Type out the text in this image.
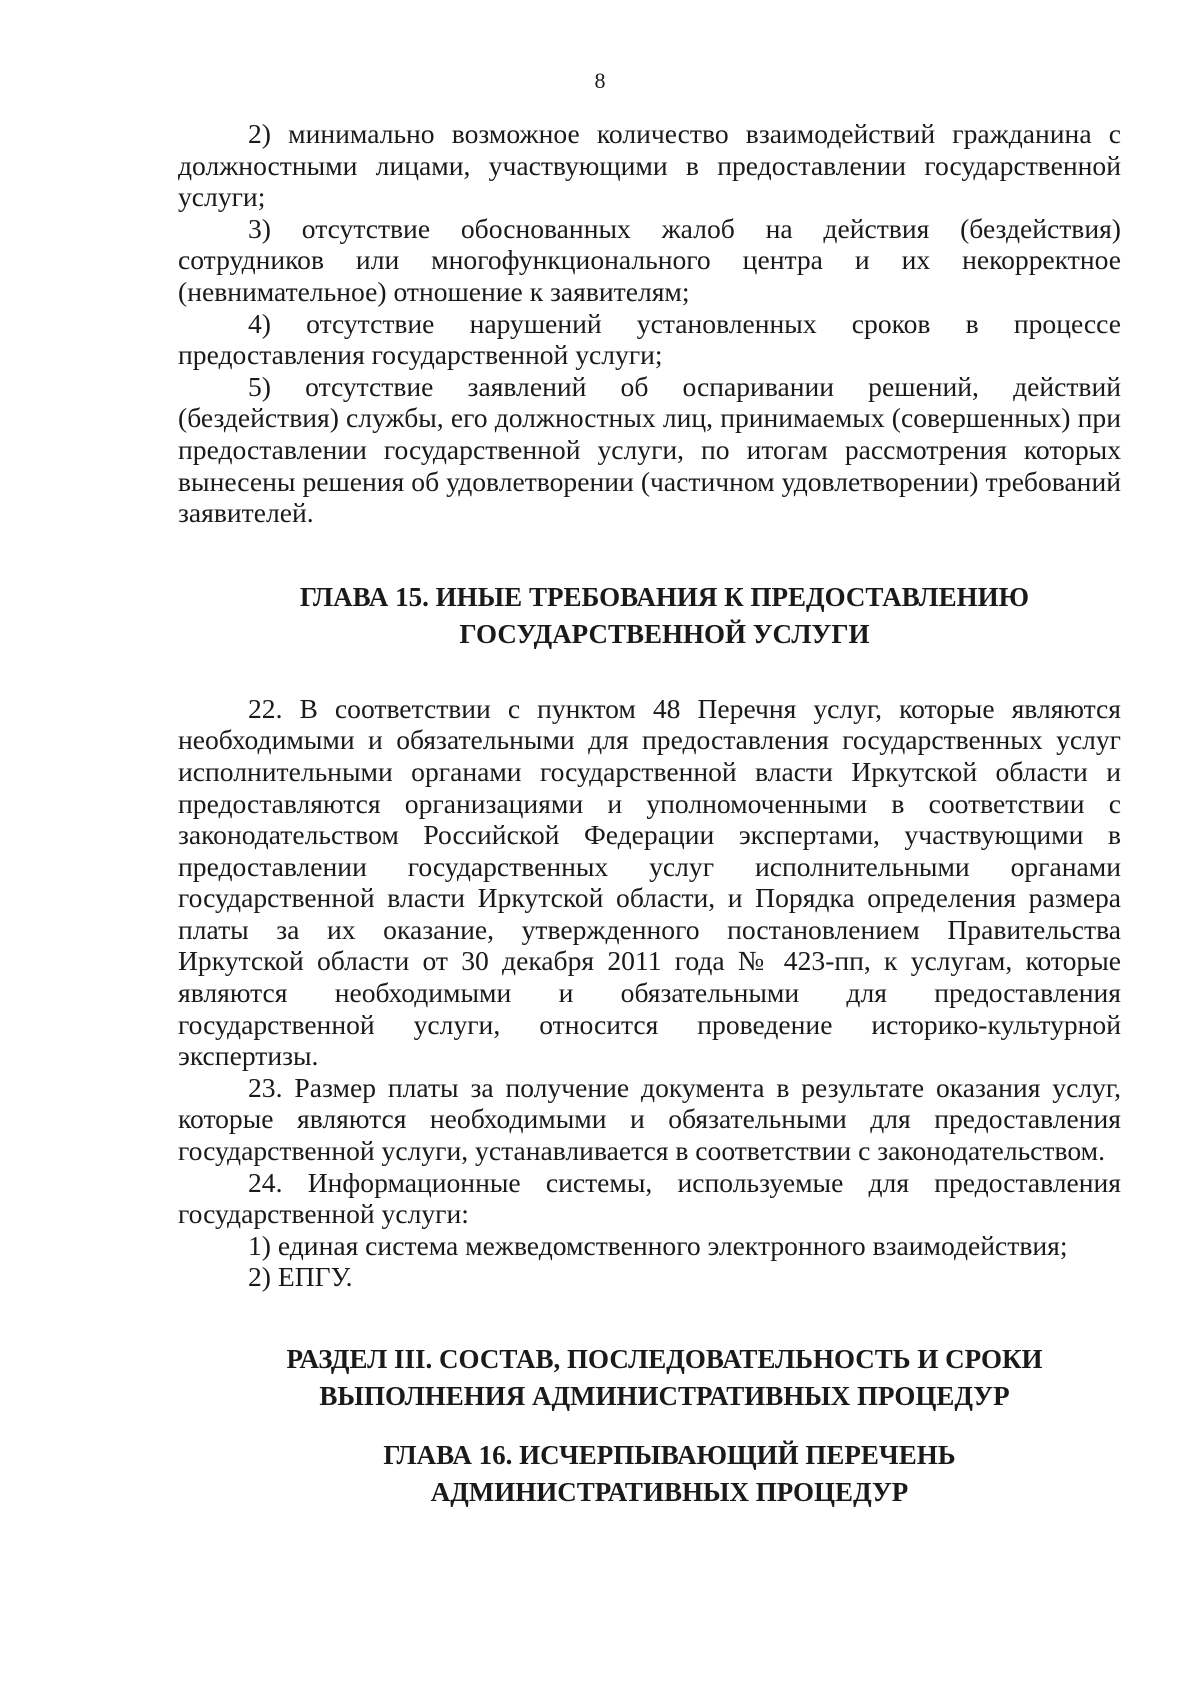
8

2) минимально возможное количество взаимодействий гражданина с должностными лицами, участвующими в предоставлении государственной услуги;

3) отсутствие обоснованных жалоб на действия (бездействия) сотрудников или многофункционального центра и их некорректное (невнимательное) отношение к заявителям;

4) отсутствие нарушений установленных сроков в процессе предоставления государственной услуги;

5) отсутствие заявлений об оспаривании решений, действий (бездействия) службы, его должностных лиц, принимаемых (совершенных) при предоставлении государственной услуги, по итогам рассмотрения которых вынесены решения об удовлетворении (частичном удовлетворении) требований заявителей.

ГЛАВА 15. ИНЫЕ ТРЕБОВАНИЯ К ПРЕДОСТАВЛЕНИЮ
ГОСУДАРСТВЕННОЙ УСЛУГИ

22. В соответствии с пунктом 48 Перечня услуг, которые являются необходимыми и обязательными для предоставления государственных услуг исполнительными органами государственной власти Иркутской области и предоставляются организациями и уполномоченными в соответствии с законодательством Российской Федерации экспертами, участвующими в предоставлении государственных услуг исполнительными органами государственной власти Иркутской области, и Порядка определения размера платы за их оказание, утвержденного постановлением Правительства Иркутской области от 30 декабря 2011 года № 423-пп, к услугам, которые являются необходимыми и обязательными для предоставления государственной услуги, относится проведение историко-культурной экспертизы.

23. Размер платы за получение документа в результате оказания услуг, которые являются необходимыми и обязательными для предоставления государственной услуги, устанавливается в соответствии с законодательством.

24. Информационные системы, используемые для предоставления государственной услуги:

1) единая система межведомственного электронного взаимодействия;

2) ЕПГУ.

РАЗДЕЛ III. СОСТАВ, ПОСЛЕДОВАТЕЛЬНОСТЬ И СРОКИ
ВЫПОЛНЕНИЯ АДМИНИСТРАТИВНЫХ ПРОЦЕДУР
ГЛАВА 16. ИСЧЕРПЫВАЮЩИЙ ПЕРЕЧЕНЬ
АДМИНИСТРАТИВНЫХ ПРОЦЕДУР
